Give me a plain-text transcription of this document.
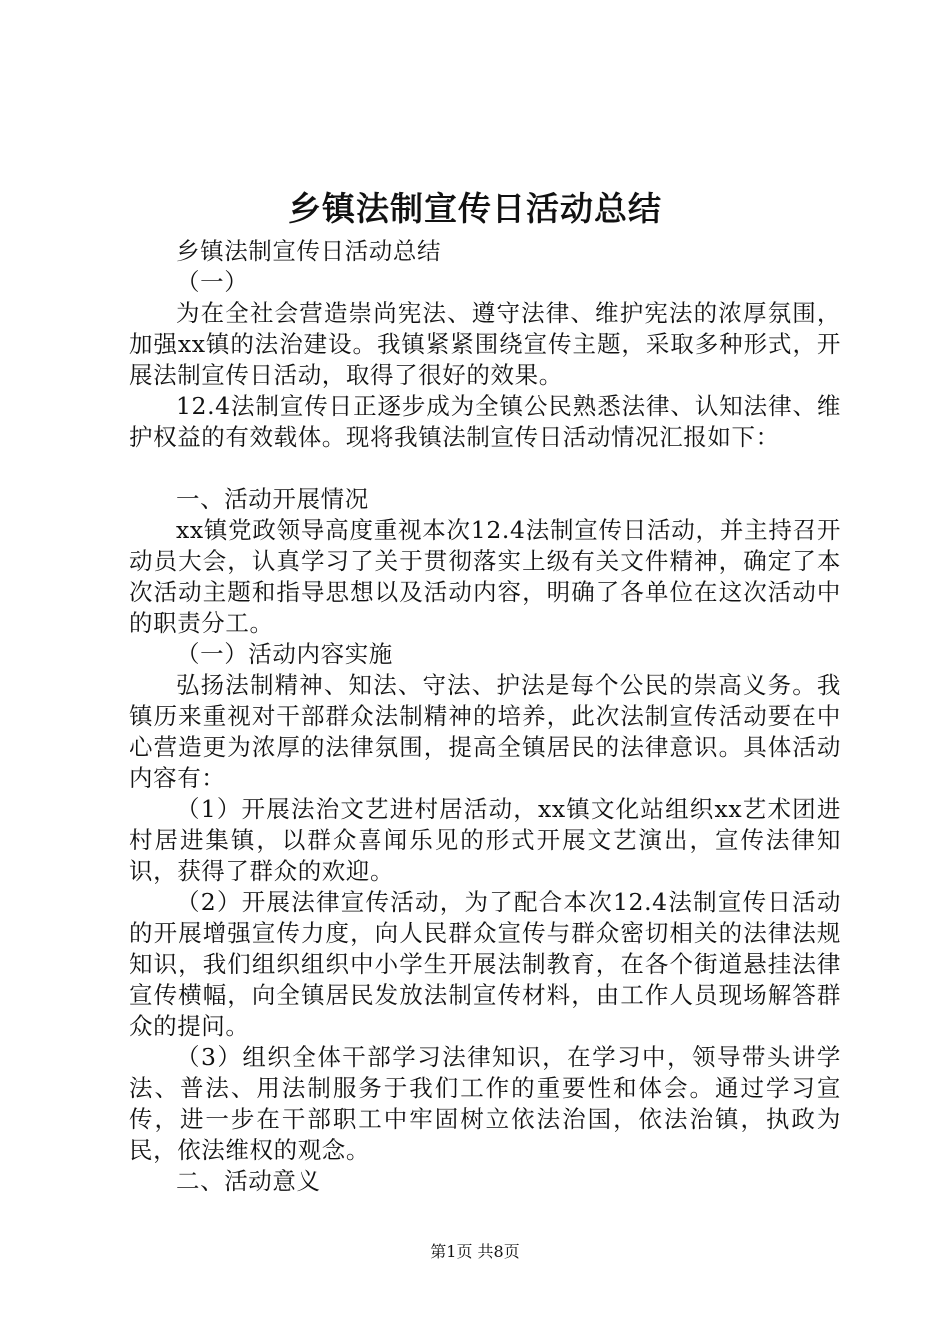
乡镇法制宣传日活动总结

乡镇法制宣传日活动总结

（一）

为在全社会营造崇尚宪法、遵守法律、维护宪法的浓厚氛围，加强xx镇的法治建设。我镇紧紧围绕宣传主题，采取多种形式，开展法制宣传日活动，取得了很好的效果。

12.4法制宣传日正逐步成为全镇公民熟悉法律、认知法律、维护权益的有效载体。现将我镇法制宣传日活动情况汇报如下：

一、活动开展情况

xx镇党政领导高度重视本次12.4法制宣传日活动，并主持召开动员大会，认真学习了关于贯彻落实上级有关文件精神，确定了本次活动主题和指导思想以及活动内容，明确了各单位在这次活动中的职责分工。

（一）活动内容实施

弘扬法制精神、知法、守法、护法是每个公民的崇高义务。我镇历来重视对干部群众法制精神的培养，此次法制宣传活动要在中心营造更为浓厚的法律氛围，提高全镇居民的法律意识。具体活动内容有：

（1）开展法治文艺进村居活动，xx镇文化站组织xx艺术团进村居进集镇，以群众喜闻乐见的形式开展文艺演出，宣传法律知识，获得了群众的欢迎。

（2）开展法律宣传活动，为了配合本次12.4法制宣传日活动的开展增强宣传力度，向人民群众宣传与群众密切相关的法律法规知识，我们组织组织中小学生开展法制教育，在各个街道悬挂法律宣传横幅，向全镇居民发放法制宣传材料，由工作人员现场解答群众的提问。

（3）组织全体干部学习法律知识，在学习中，领导带头讲学法、普法、用法制服务于我们工作的重要性和体会。通过学习宣传，进一步在干部职工中牢固树立依法治国，依法治镇，执政为民，依法维权的观念。

二、活动意义

第1页 共8页
